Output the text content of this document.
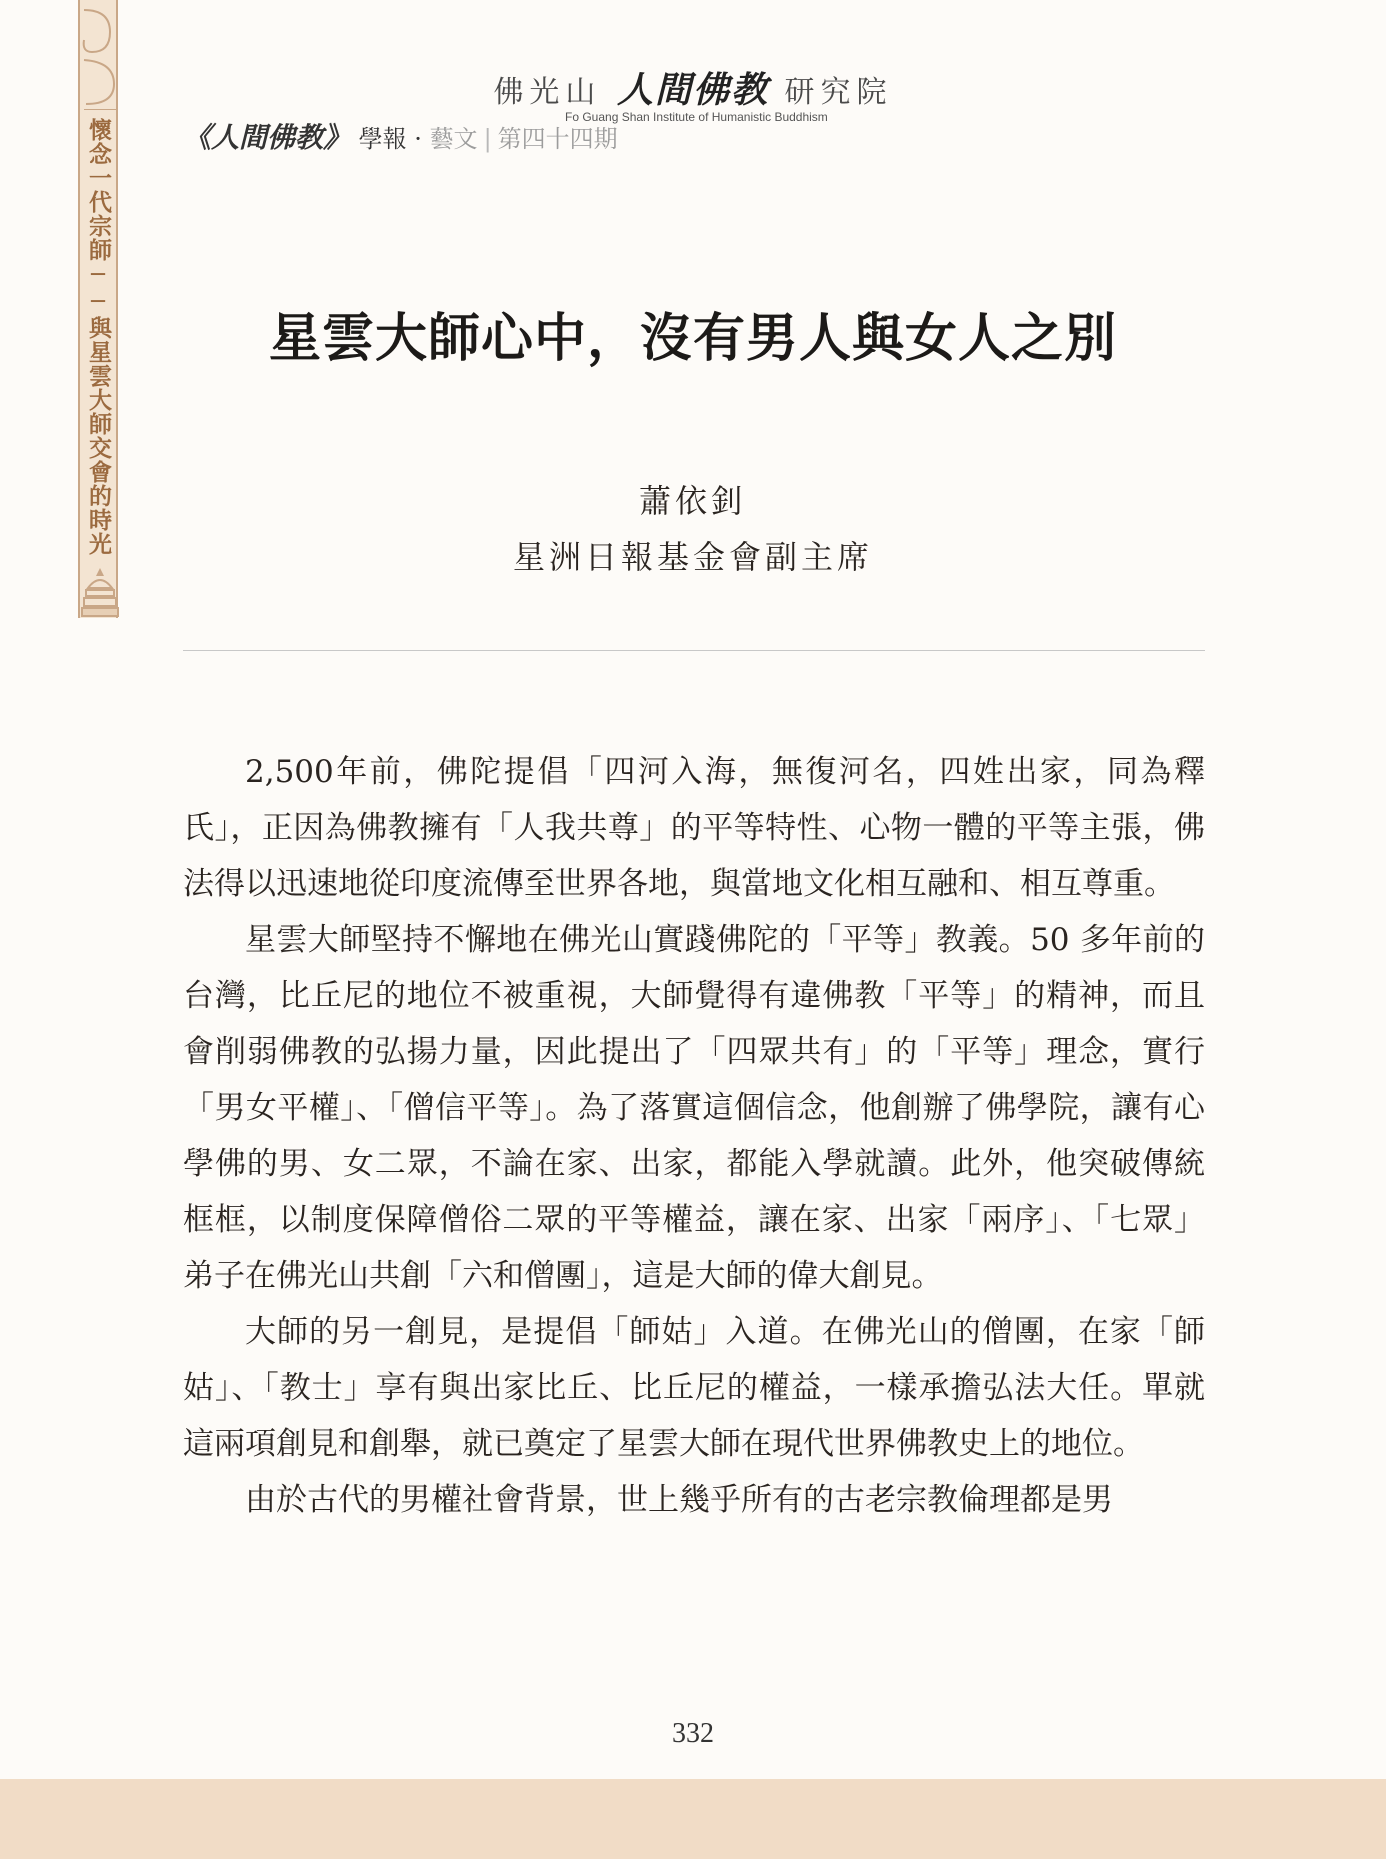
懷念一代宗師──與星雲大師交會的時光
佛光山 人間佛教 研究院
Fo Guang Shan Institute of Humanistic Buddhism
《人間佛教》 學報 · 藝文 | 第四十四期
星雲大師心中，沒有男人與女人之別
蕭依釗
星洲日報基金會副主席

2,500年前，佛陀提倡「四河入海，無復河名，四姓出家，同為釋氏」，正因為佛教擁有「人我共尊」的平等特性、心物一體的平等主張，佛法得以迅速地從印度流傳至世界各地，與當地文化相互融和、相互尊重。

星雲大師堅持不懈地在佛光山實踐佛陀的「平等」教義。50 多年前的台灣，比丘尼的地位不被重視，大師覺得有違佛教「平等」的精神，而且會削弱佛教的弘揚力量，因此提出了「四眾共有」的「平等」理念，實行「男女平權」、「僧信平等」。為了落實這個信念，他創辦了佛學院，讓有心學佛的男、女二眾，不論在家、出家，都能入學就讀。此外，他突破傳統框框，以制度保障僧俗二眾的平等權益，讓在家、出家「兩序」、「七眾」弟子在佛光山共創「六和僧團」，這是大師的偉大創見。

大師的另一創見，是提倡「師姑」入道。在佛光山的僧團，在家「師姑」、「教士」享有與出家比丘、比丘尼的權益，一樣承擔弘法大任。單就這兩項創見和創舉，就已奠定了星雲大師在現代世界佛教史上的地位。

由於古代的男權社會背景，世上幾乎所有的古老宗教倫理都是男

332
